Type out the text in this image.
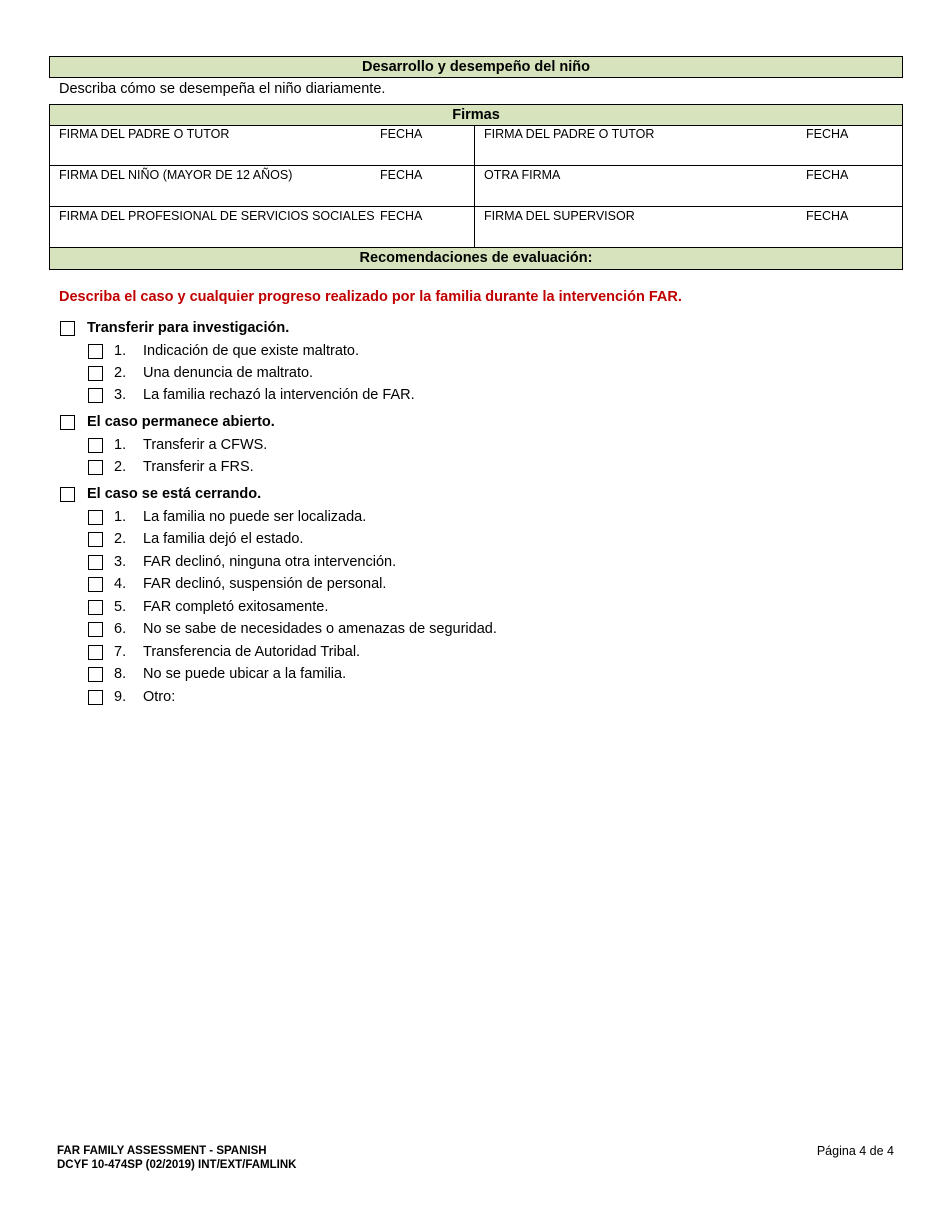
Desarrollo y desempeño del niño
Describa cómo se desempeña el niño diariamente.
Firmas
FIRMA DEL PADRE O TUTOR	FECHA	FIRMA DEL PADRE O TUTOR	FECHA
FIRMA DEL NIÑO (MAYOR DE 12 AÑOS)	FECHA	OTRA FIRMA	FECHA
FIRMA DEL PROFESIONAL DE SERVICIOS SOCIALES FECHA	FIRMA DEL SUPERVISOR	FECHA
Recomendaciones de evaluación:
Describa el caso y cualquier progreso realizado por la familia durante la intervención FAR.
Transferir para investigación.
1. Indicación de que existe maltrato.
2. Una denuncia de maltrato.
3. La familia rechazó la intervención de FAR.
El caso permanece abierto.
1. Transferir a CFWS.
2. Transferir a FRS.
El caso se está cerrando.
1. La familia no puede ser localizada.
2. La familia dejó el estado.
3. FAR declinó, ninguna otra intervención.
4. FAR declinó, suspensión de personal.
5. FAR completó exitosamente.
6. No se sabe de necesidades o amenazas de seguridad.
7. Transferencia de Autoridad Tribal.
8. No se puede ubicar a la familia.
9. Otro:
FAR FAMILY ASSESSMENT - SPANISH
DCYF 10-474SP (02/2019) INT/EXT/FAMLINK
Página 4 de 4
